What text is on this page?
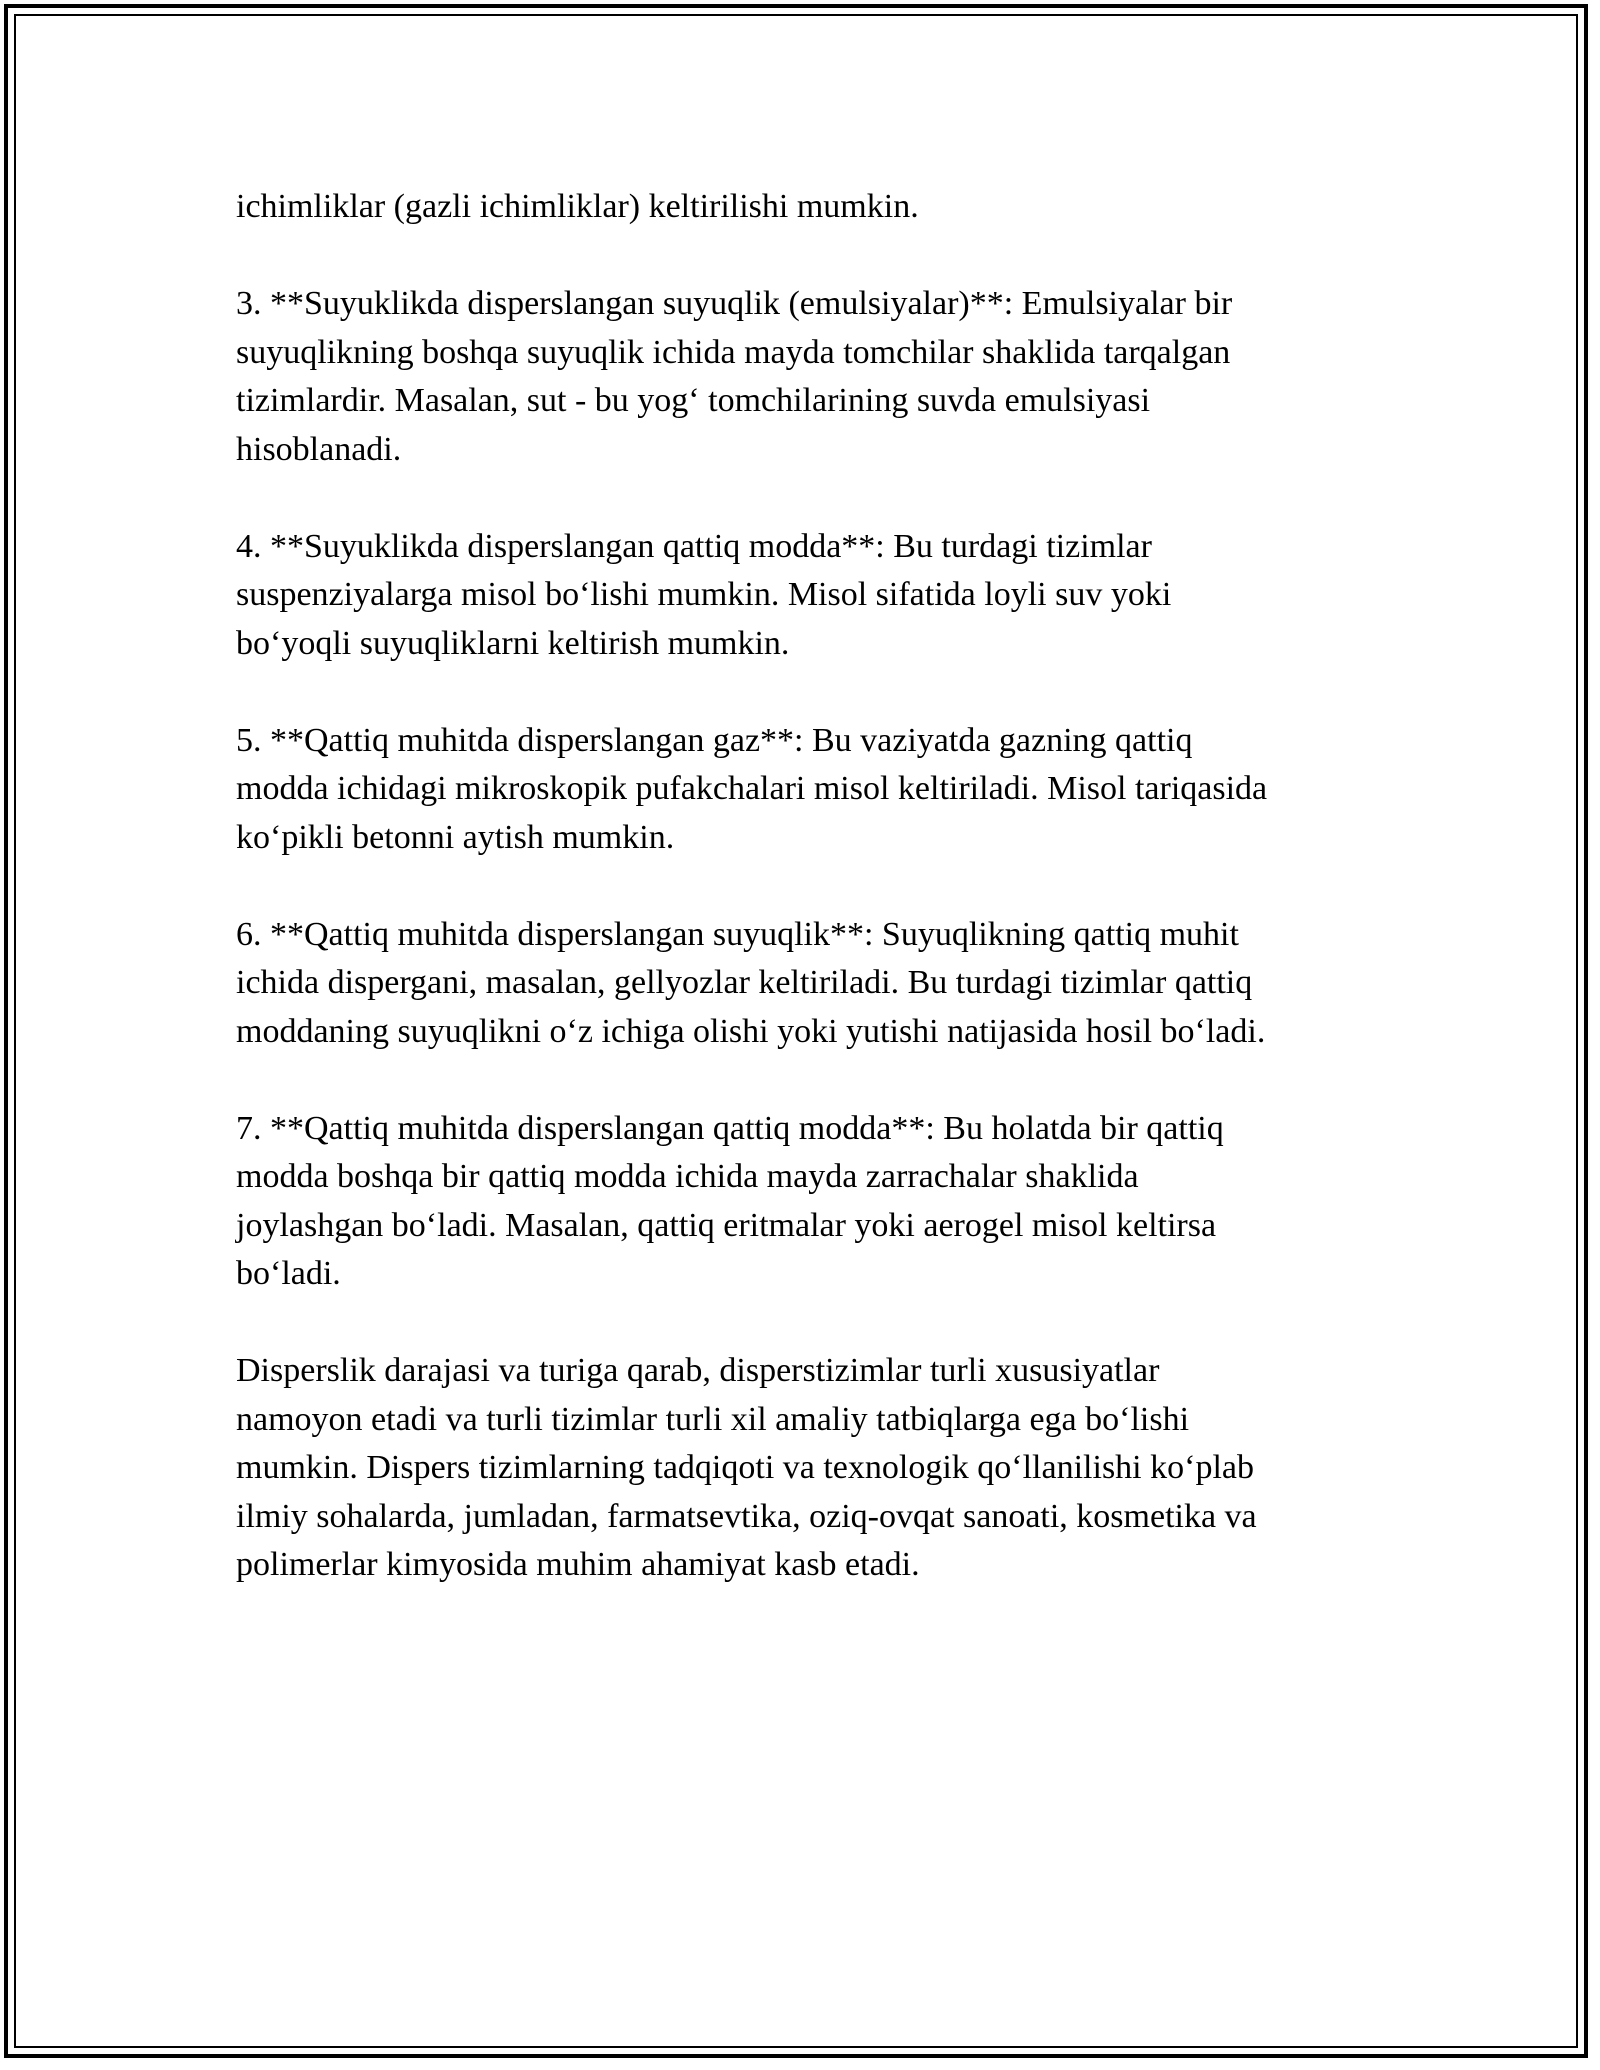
ichimliklar (gazli ichimliklar) keltirilishi mumkin.

3. **Suyuklikda disperslangan suyuqlik (emulsiyalar)**: Emulsiyalar bir
suyuqlikning boshqa suyuqlik ichida mayda tomchilar shaklida tarqalgan
tizimlardir. Masalan, sut - bu yog‘ tomchilarining suvda emulsiyasi
hisoblanadi.

4. **Suyuklikda disperslangan qattiq modda**: Bu turdagi tizimlar
suspenziyalarga misol bo‘lishi mumkin. Misol sifatida loyli suv yoki
bo‘yoqli suyuqliklarni keltirish mumkin.

5. **Qattiq muhitda disperslangan gaz**: Bu vaziyatda gazning qattiq
modda ichidagi mikroskopik pufakchalari misol keltiriladi. Misol tariqasida
ko‘pikli betonni aytish mumkin.

6. **Qattiq muhitda disperslangan suyuqlik**: Suyuqlikning qattiq muhit
ichida dispergani, masalan, gellyozlar keltiriladi. Bu turdagi tizimlar qattiq
moddaning suyuqlikni o‘z ichiga olishi yoki yutishi natijasida hosil bo‘ladi.

7. **Qattiq muhitda disperslangan qattiq modda**: Bu holatda bir qattiq
modda boshqa bir qattiq modda ichida mayda zarrachalar shaklida
joylashgan bo‘ladi. Masalan, qattiq eritmalar yoki aerogel misol keltirsa
bo‘ladi.

Disperslik darajasi va turiga qarab, disperstizimlar turli xususiyatlar
namoyon etadi va turli tizimlar turli xil amaliy tatbiqlarga ega bo‘lishi
mumkin. Dispers tizimlarning tadqiqoti va texnologik qo‘llanilishi ko‘plab
ilmiy sohalarda, jumladan, farmatsevtika, oziq-ovqat sanoati, kosmetika va
polimerlar kimyosida muhim ahamiyat kasb etadi.
